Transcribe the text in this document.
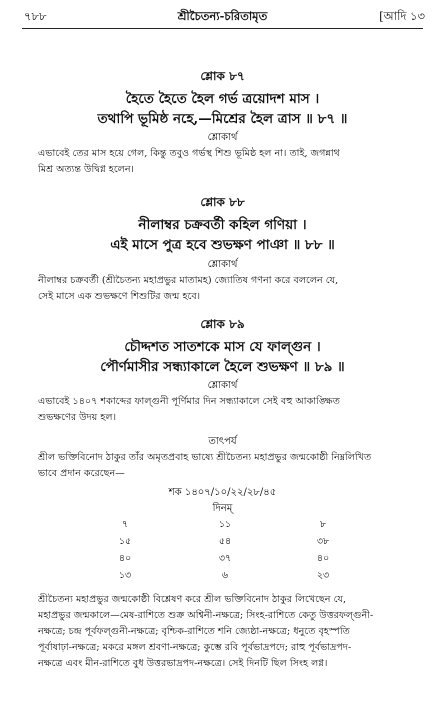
৭৮৮	শ্রীচৈতন্য-চরিতামৃত	[আদি ১৩
শ্লোক ৮৭
হৈতে হৈতে হৈল গর্ভ ত্রয়োদশ মাস ।
তথাপি ভূমিষ্ঠ নহে,—মিশ্রের হৈল ত্রাস ॥ ৮৭ ॥
শ্লোকার্থ
এভাবেই তের মাস হয়ে গেল, কিন্তু তবুও গর্ভস্থ শিশু ভূমিষ্ঠ হল না। তাই, জগন্নাথ
মিশ্র অত্যন্ত উদ্বিগ্ন হলেন।
শ্লোক ৮৮
নীলাম্বর চক্রবর্তী কহিল গণিয়া ।
এই মাসে পুত্র হবে শুভক্ষণ পাঞা ॥ ৮৮ ॥
শ্লোকার্থ
নীলাম্বর চক্রবর্তী (শ্রীচৈতন্য মহাপ্রভুর মাতামহ) জ্যোতিষ গণনা করে বললেন যে,
সেই মাসে এক শুভক্ষণে শিশুটির জন্ম হবে।
শ্লোক ৮৯
চৌদ্দশত সাতশকে মাস যে ফাল্গুন ।
পৌর্ণমাসীর সন্ধ্যাকালে হৈলে শুভক্ষণ ॥ ৮৯ ॥
শ্লোকার্থ
এভাবেই ১৪০৭ শকাব্দের ফাল্গুনী পূর্ণিমার দিন সন্ধ্যাকালে সেই বহু আকাঙ্ক্ষিত
শুভক্ষণের উদয় হল।
তাৎপর্য
শ্রীল ভক্তিবিনোদ ঠাকুর তাঁর অমৃতপ্রবাহ ভাষ্যে শ্রীচৈতন্য মহাপ্রভুর জন্মকোষ্ঠী নিম্নলিখিত
ভাবে প্রদান করেছেন—
শক ১৪০৭/১০/২২/২৮/৪৫
দিনম্‌
৭	১১	৮
১৫	৫৪	৩৮
৪০	৩৭	৪০
১৩	৬	২৩
শ্রীচৈতন্য মহাপ্রভুর জন্মকোষ্ঠী বিশ্লেষণ করে শ্রীল ভক্তিবিনোদ ঠাকুর লিখেছেন যে,
মহাপ্রভুর জন্মকালে—মেষ-রাশিতে শুক্র অশ্বিনী-নক্ষত্রে; সিংহ-রাশিতে কেতু উত্তরফল্গুনী-
নক্ষত্রে; চন্দ্র পূর্বফল্গুনী-নক্ষত্রে; বৃশ্চিক-রাশিতে শনি জ্যেষ্ঠা-নক্ষত্রে; ধনুতে বৃহস্পতি
পূর্বাষাঢ়া-নক্ষত্রে; মকরে মঙ্গল শ্রবণা-নক্ষত্রে; কুম্ভে রবি পূর্বভাদ্রপদে; রাহু পূর্বভাদ্রপদ-
নক্ষত্রে এবং মীন-রাশিতে বুধ উত্তরভাদ্রপদ-নক্ষত্রে। সেই দিনটি ছিল সিংহ লগ্ন।
